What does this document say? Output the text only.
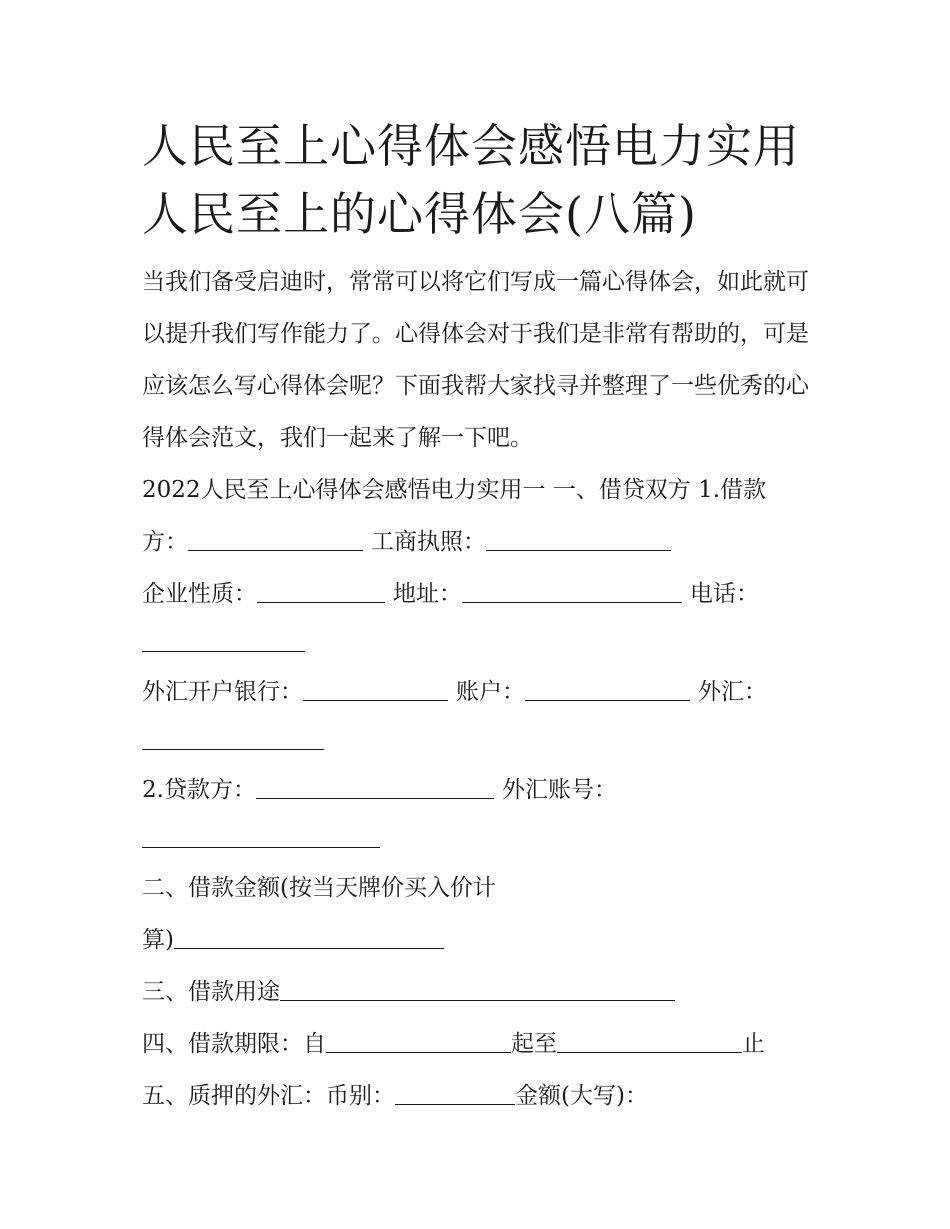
人民至上心得体会感悟电力实用 人民至上的心得体会(八篇)

当我们备受启迪时，常常可以将它们写成一篇心得体会，如此就可以提升我们写作能力了。心得体会对于我们是非常有帮助的，可是应该怎么写心得体会呢？下面我帮大家找寻并整理了一些优秀的心得体会范文，我们一起来了解一下吧。

2022人民至上心得体会感悟电力实用一 一、借贷双方 1.借款

方：	工商执照：

企业性质：	地址：	电话：

外汇开户银行：	账户：	外汇：

2.贷款方：	外汇账号：

二、借款金额(按当天牌价买入价计

算)

三、借款用途

四、借款期限：自	起至	止

五、质押的外汇：币别：	金额(大写)：
